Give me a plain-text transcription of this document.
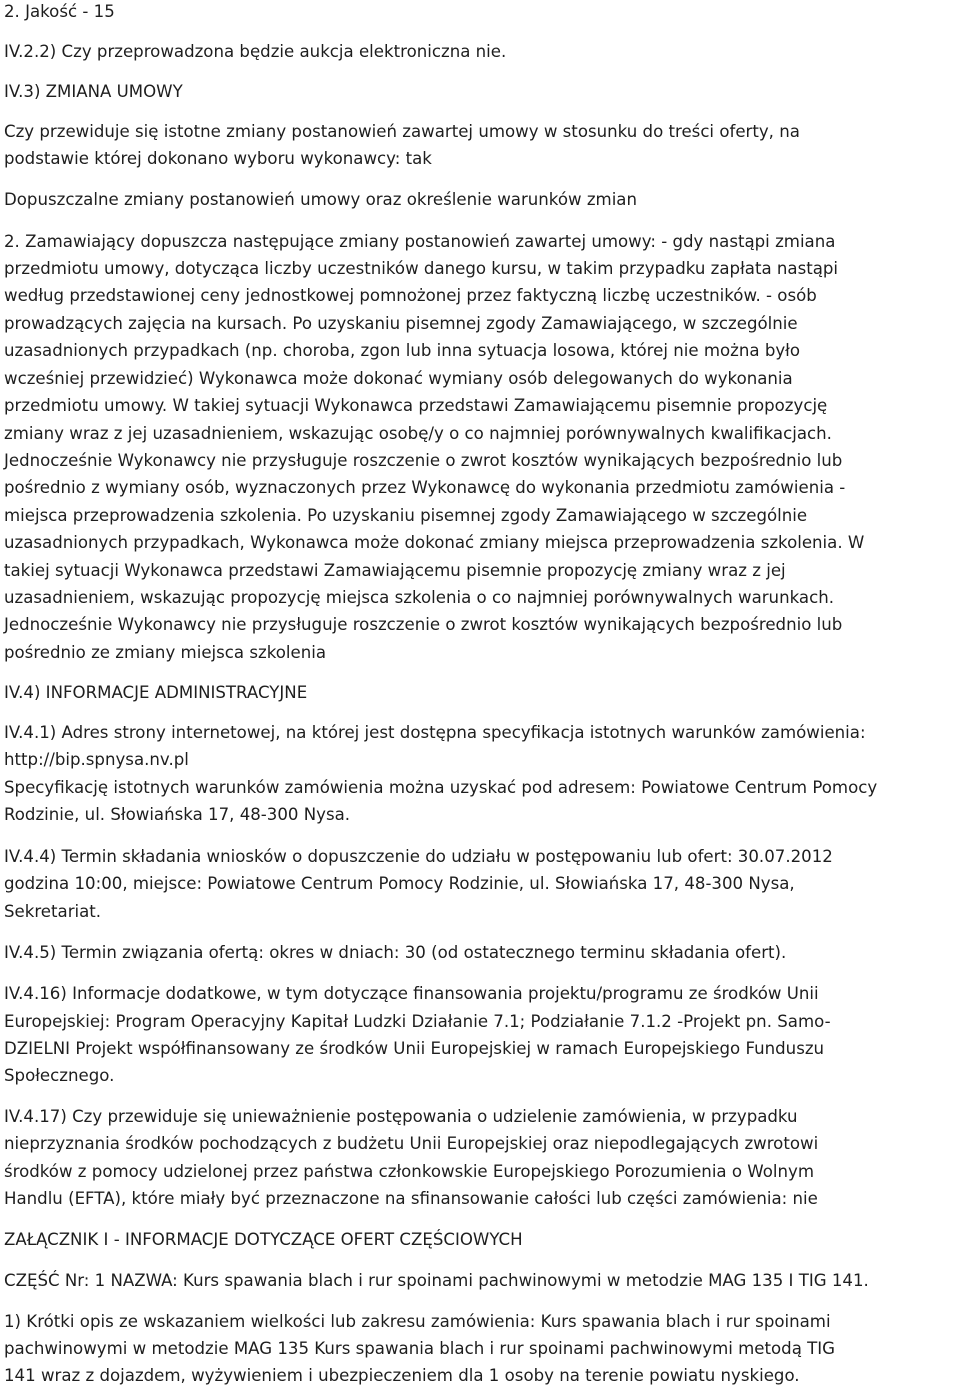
2. Jakość - 15

IV.2.2) Czy przeprowadzona będzie aukcja elektroniczna nie.

IV.3) ZMIANA UMOWY

Czy przewiduje się istotne zmiany postanowień zawartej umowy w stosunku do treści oferty, na

podstawie której dokonano wyboru wykonawcy: tak

Dopuszczalne zmiany postanowień umowy oraz określenie warunków zmian

2. Zamawiający dopuszcza następujące zmiany postanowień zawartej umowy: - gdy nastąpi zmiana

przedmiotu umowy, dotycząca liczby uczestników danego kursu, w takim przypadku zapłata nastąpi

według przedstawionej ceny jednostkowej pomnożonej przez faktyczną liczbę uczestników. - osób

prowadzących zajęcia na kursach. Po uzyskaniu pisemnej zgody Zamawiającego, w szczególnie

uzasadnionych przypadkach (np. choroba, zgon lub inna sytuacja losowa, której nie można było

wcześniej przewidzieć) Wykonawca może dokonać wymiany osób delegowanych do wykonania

przedmiotu umowy. W takiej sytuacji Wykonawca przedstawi Zamawiającemu pisemnie propozycję

zmiany wraz z jej uzasadnieniem, wskazując osobę/y o co najmniej porównywalnych kwalifikacjach.

Jednocześnie Wykonawcy nie przysługuje roszczenie o zwrot kosztów wynikających bezpośrednio lub

pośrednio z wymiany osób, wyznaczonych przez Wykonawcę do wykonania przedmiotu zamówienia -

miejsca przeprowadzenia szkolenia. Po uzyskaniu pisemnej zgody Zamawiającego w szczególnie

uzasadnionych przypadkach, Wykonawca może dokonać zmiany miejsca przeprowadzenia szkolenia. W

takiej sytuacji Wykonawca przedstawi Zamawiającemu pisemnie propozycję zmiany wraz z jej

uzasadnieniem, wskazując propozycję miejsca szkolenia o co najmniej porównywalnych warunkach.

Jednocześnie Wykonawcy nie przysługuje roszczenie o zwrot kosztów wynikających bezpośrednio lub

pośrednio ze zmiany miejsca szkolenia

IV.4) INFORMACJE ADMINISTRACYJNE

IV.4.1) Adres strony internetowej, na której jest dostępna specyfikacja istotnych warunków zamówienia:

http://bip.spnysa.nv.pl

Specyfikację istotnych warunków zamówienia można uzyskać pod adresem: Powiatowe Centrum Pomocy

Rodzinie, ul. Słowiańska 17, 48-300 Nysa.

IV.4.4) Termin składania wniosków o dopuszczenie do udziału w postępowaniu lub ofert: 30.07.2012

godzina 10:00, miejsce: Powiatowe Centrum Pomocy Rodzinie, ul. Słowiańska 17, 48-300 Nysa,

Sekretariat.

IV.4.5) Termin związania ofertą: okres w dniach: 30 (od ostatecznego terminu składania ofert).

IV.4.16) Informacje dodatkowe, w tym dotyczące finansowania projektu/programu ze środków Unii

Europejskiej: Program Operacyjny Kapitał Ludzki Działanie 7.1; Podziałanie 7.1.2 -Projekt pn. Samo-

DZIELNI Projekt współfinansowany ze środków Unii Europejskiej w ramach Europejskiego Funduszu

Społecznego.

IV.4.17) Czy przewiduje się unieważnienie postępowania o udzielenie zamówienia, w przypadku

nieprzyznania środków pochodzących z budżetu Unii Europejskiej oraz niepodlegających zwrotowi

środków z pomocy udzielonej przez państwa członkowskie Europejskiego Porozumienia o Wolnym

Handlu (EFTA), które miały być przeznaczone na sfinansowanie całości lub części zamówienia: nie

ZAŁĄCZNIK I - INFORMACJE DOTYCZĄCE OFERT CZĘŚCIOWYCH

CZĘŚĆ Nr: 1 NAZWA: Kurs spawania blach i rur spoinami pachwinowymi w metodzie MAG 135 I TIG 141.

1) Krótki opis ze wskazaniem wielkości lub zakresu zamówienia: Kurs spawania blach i rur spoinami

pachwinowymi w metodzie MAG 135 Kurs spawania blach i rur spoinami pachwinowymi metodą TIG

141 wraz z dojazdem, wyżywieniem i ubezpieczeniem dla 1 osoby na terenie powiatu nyskiego.
